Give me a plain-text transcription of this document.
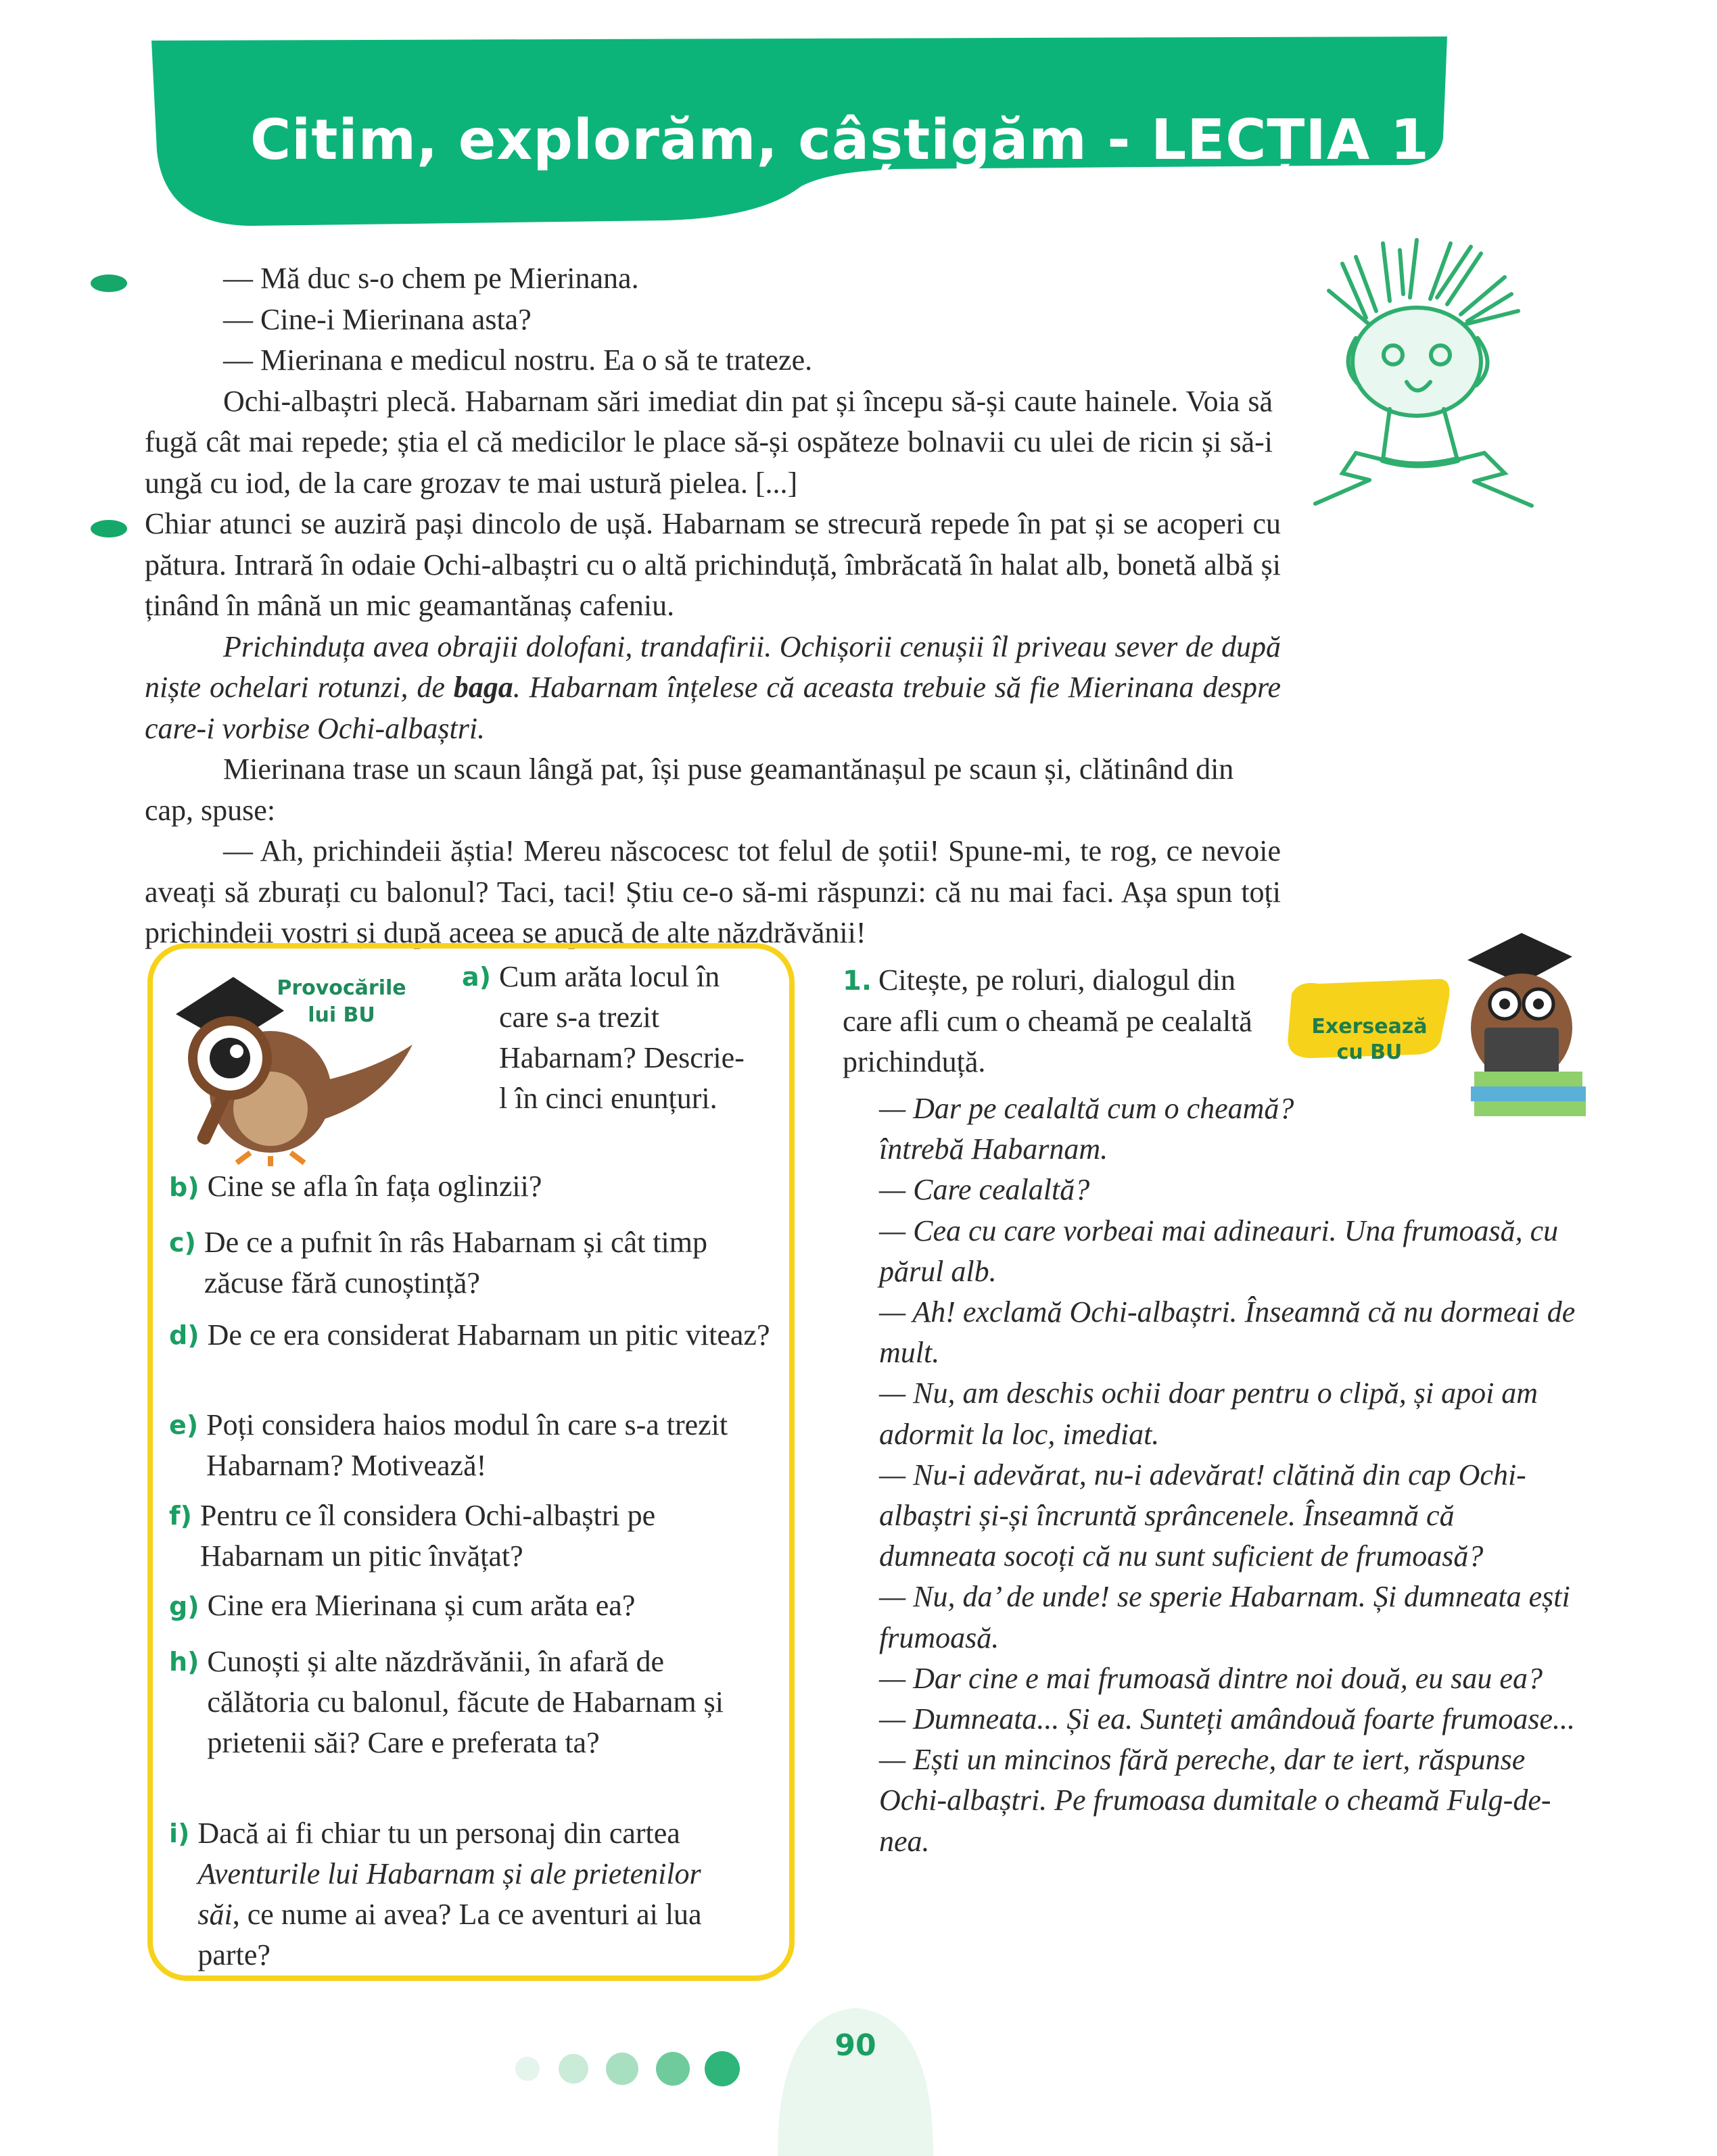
Citim, explorăm, câștigăm - LECȚIA 1

— Mă duc s-o chem pe Mierinana.

— Cine-i Mierinana asta?

— Mierinana e medicul nostru. Ea o să te trateze.

Ochi-albaștri plecă. Habarnam sări imediat din pat și începu să-și caute hainele. Voia să fugă cât mai repede; știa el că medicilor le place să-și ospăteze bolnavii cu ulei de ricin și să-i ungă cu iod, de la care grozav te mai ustură pielea. [...]

Chiar atunci se auziră pași dincolo de ușă. Habarnam se strecură repede în pat și se acoperi cu pătura. Intrară în odaie Ochi-albaștri cu o altă prichinduță, îmbrăcată în halat alb, bonetă albă și ținând în mână un mic geamantănaș cafeniu.

Prichinduța avea obrajii dolofani, trandafirii. Ochișorii cenușii îl priveau sever de după niște ochelari rotunzi, de baga. Habarnam înțelese că aceasta trebuie să fie Mierinana despre care-i vorbise Ochi-albaștri.

Mierinana trase un scaun lângă pat, își puse geamantănașul pe scaun și, clătinând din cap, spuse:

— Ah, prichindeii ăștia! Mereu născocesc tot felul de șotii! Spune-mi, te rog, ce nevoie aveați să zburați cu balonul? Taci, taci! Știu ce-o să-mi răspunzi: că nu mai faci. Așa spun toți prichindeii voștri și după aceea se apucă de alte năzdrăvănii!

Provocările
lui BU
a) Cum arăta locul în care s-a trezit Habarnam? Descrie-l în cinci enunțuri.
b) Cine se afla în fața oglinzii?
c) De ce a pufnit în râs Habarnam și cât timp zăcuse fără cunoștință?
d) De ce era considerat Habarnam un pitic viteaz?
e) Poți considera haios modul în care s-a trezit Habarnam? Motivează!
f) Pentru ce îl considera Ochi-albaștri pe Habarnam un pitic învățat?
g) Cine era Mierinana și cum arăta ea?
h) Cunoști și alte năzdrăvănii, în afară de călătoria cu balonul, făcute de Habarnam și prietenii săi? Care e preferata ta?
i) Dacă ai fi chiar tu un personaj din cartea Aventurile lui Habarnam și ale prietenilor săi, ce nume ai avea? La ce aventuri ai lua parte?
1. Citește, pe roluri, dialogul din care afli cum o cheamă pe cealaltă prichinduță.
Exersează
cu BU

— Dar pe cealaltă cum o cheamă? întrebă Habarnam.

— Care cealaltă?

— Cea cu care vorbeai mai adineauri. Una frumoasă, cu părul alb.

— Ah! exclamă Ochi-albaștri. Înseamnă că nu dormeai de mult.

— Nu, am deschis ochii doar pentru o clipă, și apoi am adormit la loc, imediat.

— Nu-i adevărat, nu-i adevărat! clătină din cap Ochi-albaștri și-și încruntă sprâncenele. Înseamnă că dumneata socoți că nu sunt suficient de frumoasă?

— Nu, da’ de unde! se sperie Habarnam. Și dumneata ești frumoasă.

— Dar cine e mai frumoasă dintre noi două, eu sau ea?

— Dumneata... Și ea. Sunteți amândouă foarte frumoase...

— Ești un mincinos fără pereche, dar te iert, răspunse Ochi-albaștri. Pe frumoasa dumitale o cheamă Fulg-de-nea.

90
